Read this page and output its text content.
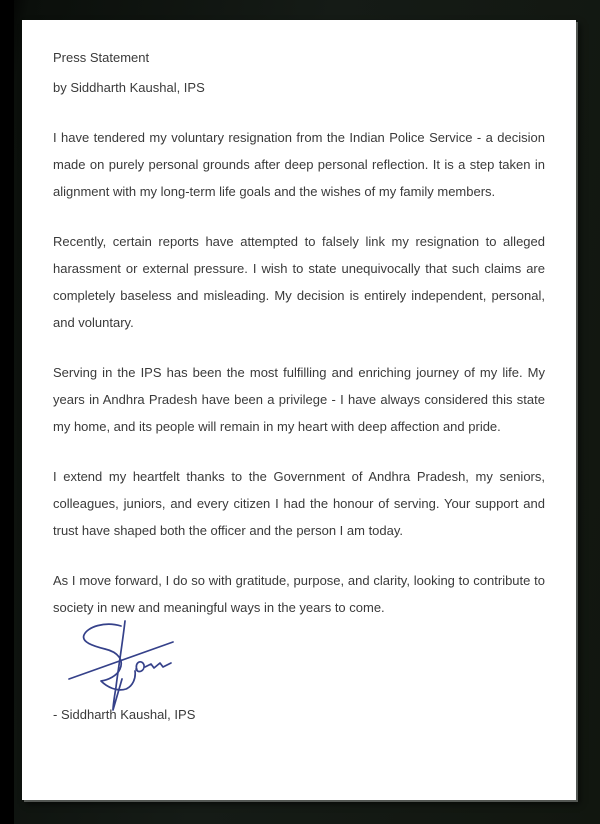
Press Statement

by Siddharth Kaushal, IPS

I have tendered my voluntary resignation from the Indian Police Service - a decision made on purely personal grounds after deep personal reflection. It is a step taken in alignment with my long-term life goals and the wishes of my family members.

Recently, certain reports have attempted to falsely link my resignation to alleged harassment or external pressure. I wish to state unequivocally that such claims are completely baseless and misleading. My decision is entirely independent, personal, and voluntary.

Serving in the IPS has been the most fulfilling and enriching journey of my life. My years in Andhra Pradesh have been a privilege - I have always considered this state my home, and its people will remain in my heart with deep affection and pride.

I extend my heartfelt thanks to the Government of Andhra Pradesh, my seniors, colleagues, juniors, and every citizen I had the honour of serving. Your support and trust have shaped both the officer and the person I am today.

As I move forward, I do so with gratitude, purpose, and clarity, looking to contribute to society in new and meaningful ways in the years to come.

- Siddharth Kaushal, IPS
